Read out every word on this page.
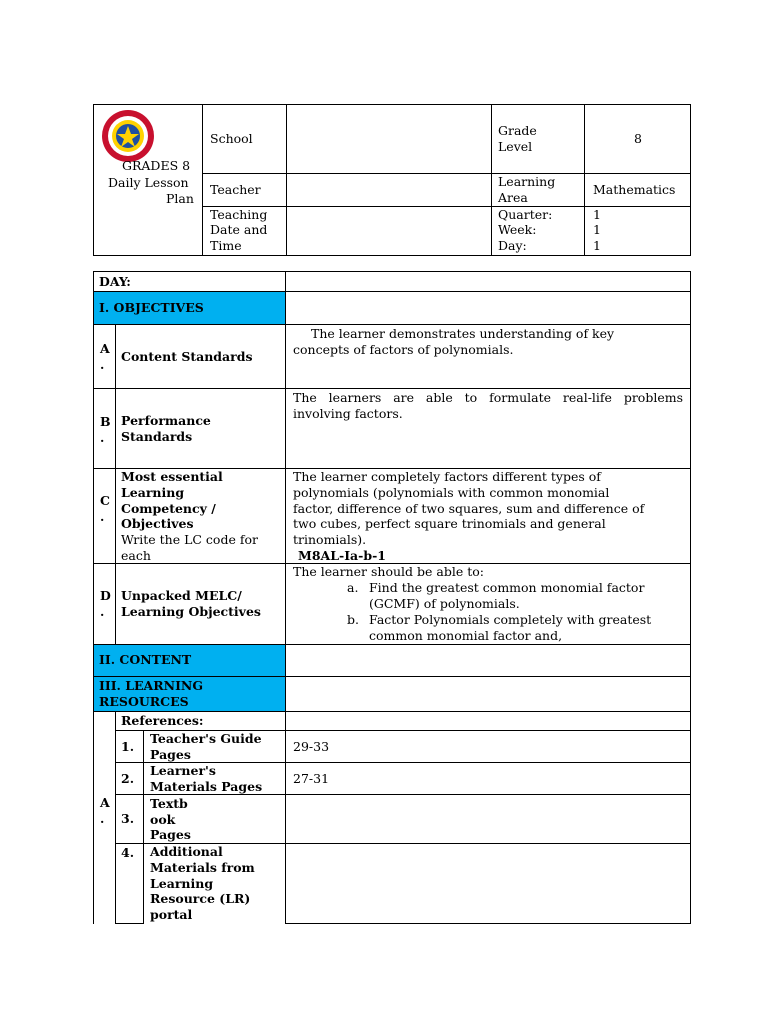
GRADES 8
Daily Lesson
Plan
School
Grade
Level
8
Teacher
Learning
Area
Mathematics
Teaching
Date and
Time
Quarter:
Week:
Day:
1
1
1
DAY:
I. OBJECTIVES
A
.
Content Standards
The learner demonstrates understanding of key
concepts of factors of polynomials.
B
.
Performance
Standards
The learners are able to formulate real-life problems
involving factors.
C
.
Most essential
Learning
Competency /
Objectives
Write the LC code for
each
The learner completely factors different types of
polynomials (polynomials with common monomial
factor, difference of two squares, sum and difference of
two cubes, perfect square trinomials and general
trinomials).
M8AL-Ia-b-1
D
.
Unpacked MELC/
Learning Objectives
The learner should be able to:
a. Find the greatest common monomial factor
(GCMF) of polynomials.
b. Factor Polynomials completely with greatest
common monomial factor and,
II. CONTENT
III. LEARNING
RESOURCES
References:
A
.
1.
Teacher's Guide
Pages
29-33
2.
Learner's
Materials Pages
27-31
3.
Textb
ook
Pages
4. Additional
Materials from
Learning
Resource (LR)
portal
